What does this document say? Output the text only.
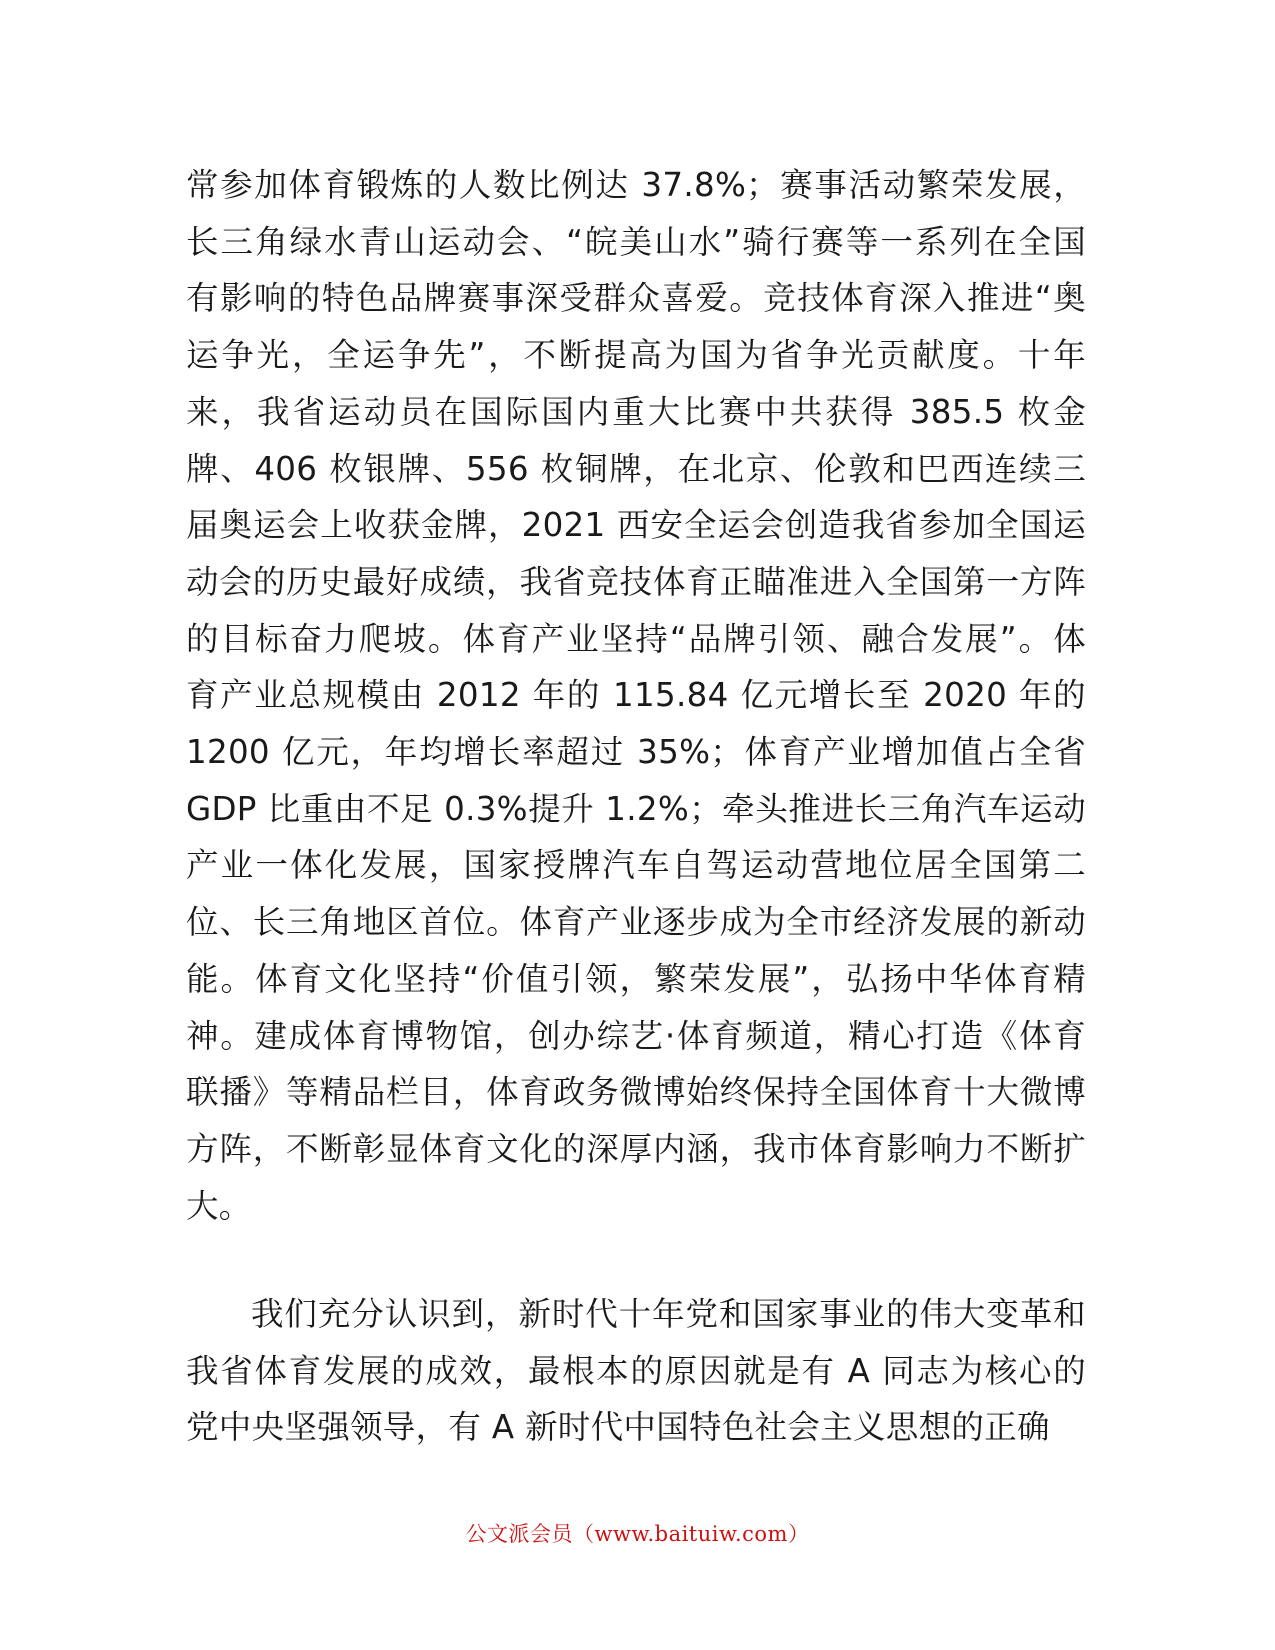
常参加体育锻炼的人数比例达 37.8%；赛事活动繁荣发展，
长三角绿水青山运动会、“皖美山水”骑行赛等一系列在全国
有影响的特色品牌赛事深受群众喜爱。竞技体育深入推进“奥
运争光，全运争先”，不断提高为国为省争光贡献度。十年
来，我省运动员在国际国内重大比赛中共获得 385.5 枚金
牌、406 枚银牌、556 枚铜牌，在北京、伦敦和巴西连续三
届奥运会上收获金牌，2021 西安全运会创造我省参加全国运
动会的历史最好成绩，我省竞技体育正瞄准进入全国第一方阵
的目标奋力爬坡。体育产业坚持“品牌引领、融合发展”。体
育产业总规模由 2012 年的 115.84 亿元增长至 2020 年的
1200 亿元，年均增长率超过 35%；体育产业增加值占全省
GDP 比重由不足 0.3%提升 1.2%；牵头推进长三角汽车运动
产业一体化发展，国家授牌汽车自驾运动营地位居全国第二
位、长三角地区首位。体育产业逐步成为全市经济发展的新动
能。体育文化坚持“价值引领，繁荣发展”，弘扬中华体育精
神。建成体育博物馆，创办综艺·体育频道，精心打造《体育
联播》等精品栏目，体育政务微博始终保持全国体育十大微博
方阵，不断彰显体育文化的深厚内涵，我市体育影响力不断扩
大。
我们充分认识到，新时代十年党和国家事业的伟大变革和
我省体育发展的成效，最根本的原因就是有 A 同志为核心的
党中央坚强领导，有 A 新时代中国特色社会主义思想的正确
公文派会员（www.baituiw.com）
